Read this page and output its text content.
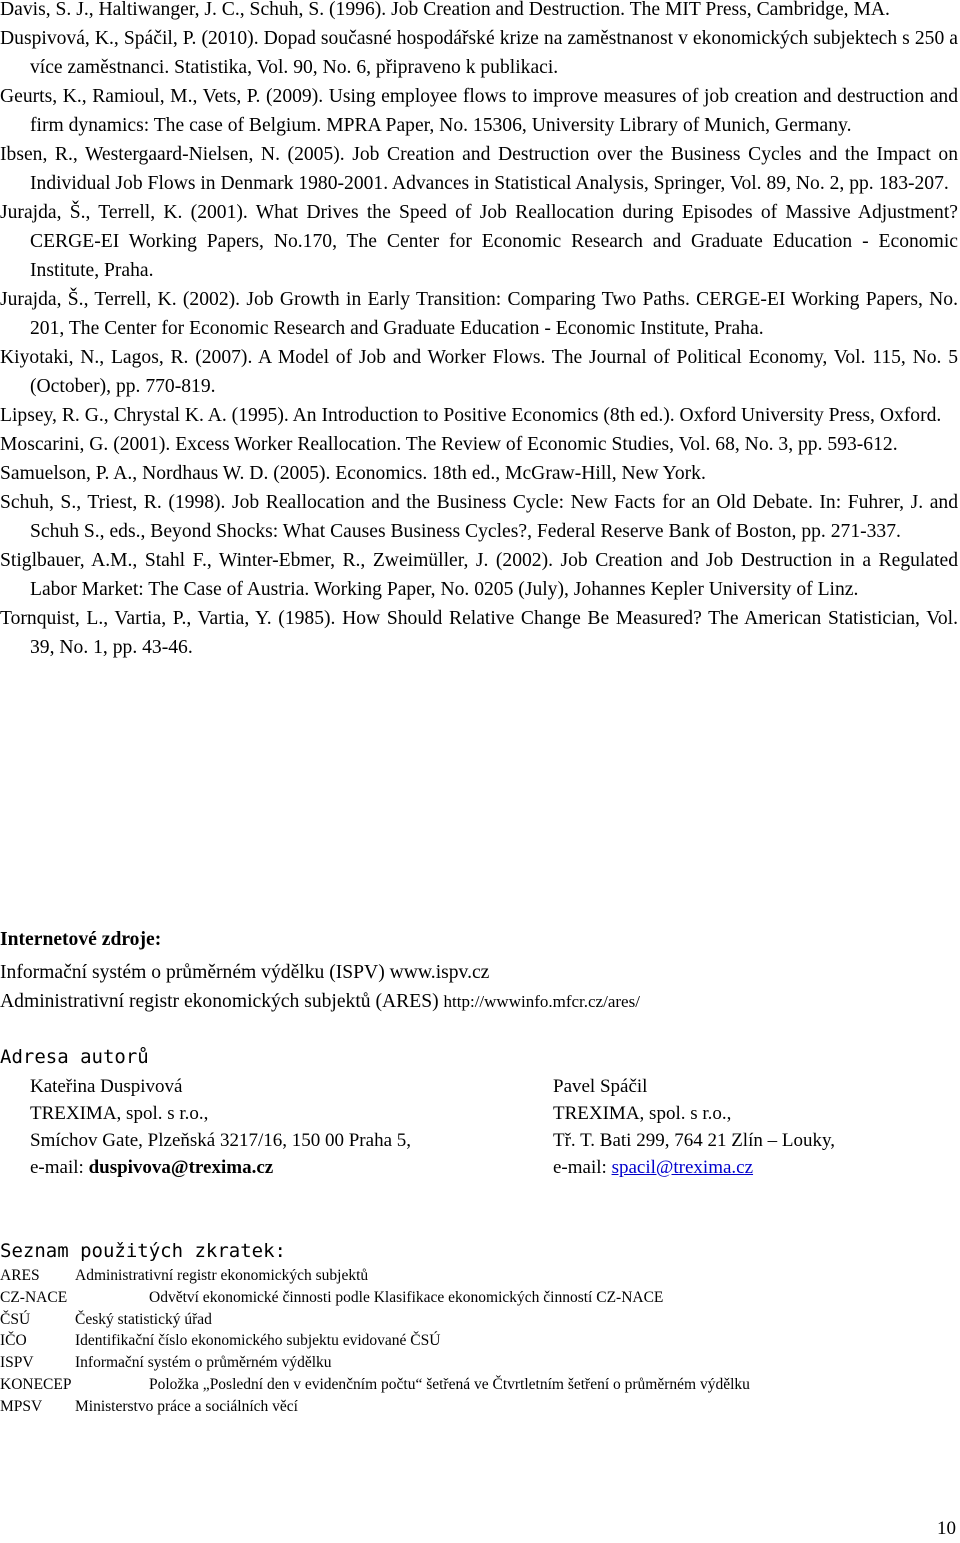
Davis, S. J., Haltiwanger, J. C., Schuh, S. (1996). Job Creation and Destruction. The MIT Press, Cambridge, MA.
Duspivová, K., Spáčil, P. (2010). Dopad současné hospodářské krize na zaměstnanost v ekonomických subjektech s 250 a více zaměstnanci. Statistika, Vol. 90, No. 6, připraveno k publikaci.
Geurts, K., Ramioul, M., Vets, P. (2009). Using employee flows to improve measures of job creation and destruction and firm dynamics: The case of Belgium. MPRA Paper, No. 15306, University Library of Munich, Germany.
Ibsen, R., Westergaard-Nielsen, N. (2005). Job Creation and Destruction over the Business Cycles and the Impact on Individual Job Flows in Denmark 1980-2001. Advances in Statistical Analysis, Springer, Vol. 89, No. 2, pp. 183-207.
Jurajda, Š., Terrell, K. (2001). What Drives the Speed of Job Reallocation during Episodes of Massive Adjustment? CERGE-EI Working Papers, No.170, The Center for Economic Research and Graduate Education - Economic Institute, Praha.
Jurajda, Š., Terrell, K. (2002). Job Growth in Early Transition: Comparing Two Paths. CERGE-EI Working Papers, No. 201, The Center for Economic Research and Graduate Education - Economic Institute, Praha.
Kiyotaki, N., Lagos, R. (2007). A Model of Job and Worker Flows. The Journal of Political Economy, Vol. 115, No. 5 (October), pp. 770-819.
Lipsey, R. G., Chrystal K. A. (1995). An Introduction to Positive Economics (8th ed.). Oxford University Press, Oxford.
Moscarini, G. (2001). Excess Worker Reallocation. The Review of Economic Studies, Vol. 68, No. 3, pp. 593-612.
Samuelson, P. A., Nordhaus W. D. (2005). Economics. 18th ed., McGraw-Hill, New York.
Schuh, S., Triest, R. (1998). Job Reallocation and the Business Cycle: New Facts for an Old Debate. In: Fuhrer, J. and Schuh S., eds., Beyond Shocks: What Causes Business Cycles?, Federal Reserve Bank of Boston, pp. 271-337.
Stiglbauer, A.M., Stahl F., Winter-Ebmer, R., Zweimüller, J. (2002). Job Creation and Job Destruction in a Regulated Labor Market: The Case of Austria. Working Paper, No. 0205 (July), Johannes Kepler University of Linz.
Tornquist, L., Vartia, P., Vartia, Y. (1985). How Should Relative Change Be Measured? The American Statistician, Vol. 39, No. 1, pp. 43-46.
Internetové zdroje:
Informační systém o průměrném výdělku (ISPV) www.ispv.cz
Administrativní registr ekonomických subjektů (ARES) http://wwwinfo.mfcr.cz/ares/
Adresa autorů
Kateřina Duspivová
TREXIMA, spol. s r.o.,
Smíchov Gate, Plzeňská 3217/16, 150 00 Praha 5,
e-mail: duspivova@trexima.cz
Pavel Spáčil
TREXIMA, spol. s r.o.,
Tř. T. Bati 299, 764 21 Zlín – Louky,
e-mail: spacil@trexima.cz
Seznam použitých zkratek:
ARES Administrativní registr ekonomických subjektů
CZ-NACE	Odvětví ekonomické činnosti podle Klasifikace ekonomických činností CZ-NACE
ČSÚ	Český statistický úřad
IČO	Identifikační číslo ekonomického subjektu evidované ČSÚ
ISPV	Informační systém o průměrném výdělku
KONECEP	Položka „Poslední den v evidenčním počtu“ šetřená ve Čtvrtletním šetření o průměrném výdělku
MPSV Ministerstvo práce a sociálních věcí
10
